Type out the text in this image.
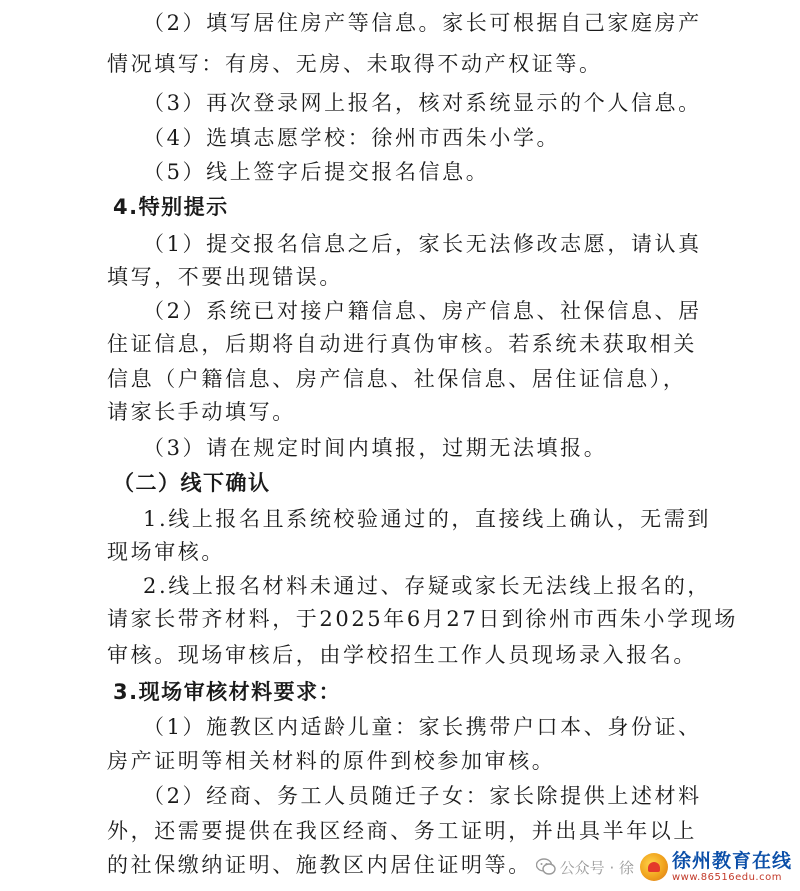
（2）填写居住房产等信息。家长可根据自己家庭房产
情况填写：有房、无房、未取得不动产权证等。
（3）再次登录网上报名，核对系统显示的个人信息。
（4）选填志愿学校：徐州市西朱小学。
（5）线上签字后提交报名信息。
4.特别提示
（1）提交报名信息之后，家长无法修改志愿，请认真
填写，不要出现错误。
（2）系统已对接户籍信息、房产信息、社保信息、居
住证信息，后期将自动进行真伪审核。若系统未获取相关
信息（户籍信息、房产信息、社保信息、居住证信息），
请家长手动填写。
（3）请在规定时间内填报，过期无法填报。
（二）线下确认
1.线上报名且系统校验通过的，直接线上确认，无需到
现场审核。
2.线上报名材料未通过、存疑或家长无法线上报名的，
请家长带齐材料，于2025年6月27日到徐州市西朱小学现场
审核。现场审核后，由学校招生工作人员现场录入报名。
3.现场审核材料要求：
（1）施教区内适龄儿童：家长携带户口本、身份证、
房产证明等相关材料的原件到校参加审核。
（2）经商、务工人员随迁子女：家长除提供上述材料
外，还需要提供在我区经商、务工证明，并出具半年以上
的社保缴纳证明、施教区内居住证明等。 公众号 · 徐 徐州教育在线
www.86516edu.com
